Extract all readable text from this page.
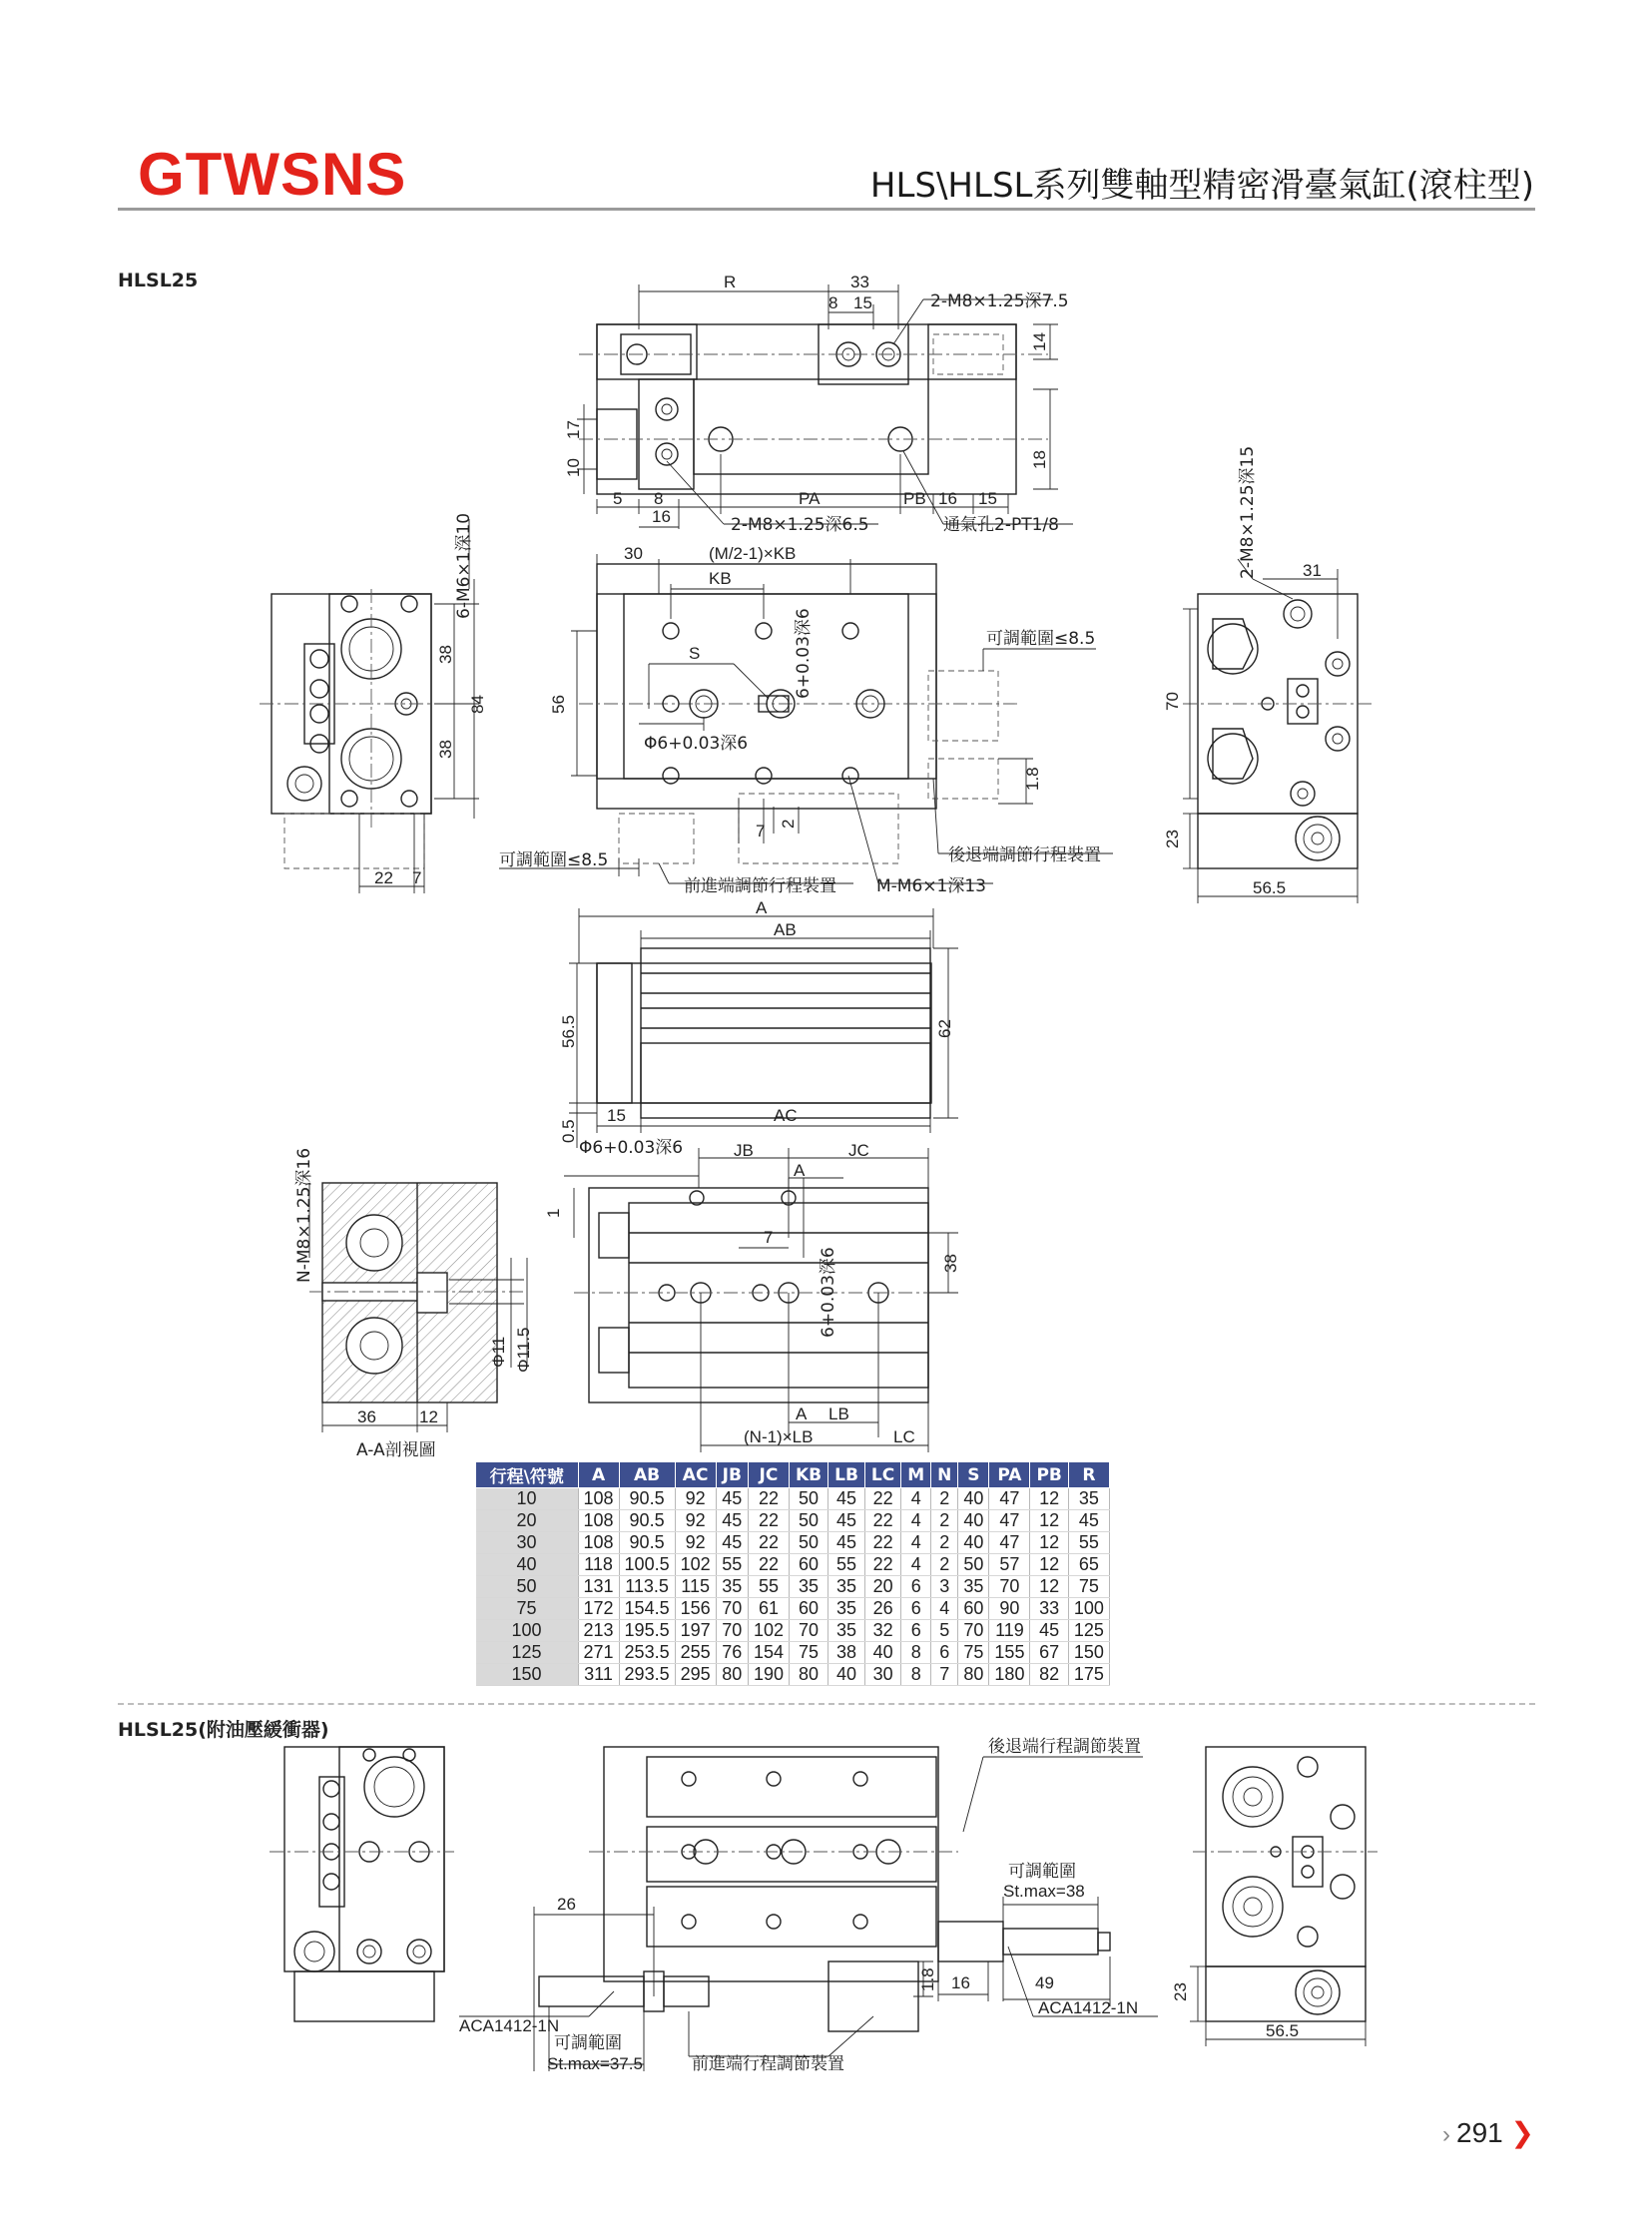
GTWSNS	HLS\HLSL系列雙軸型精密滑臺氣缸(滾柱型)
HLSL25	R	33
8 15	2-M8×1.25深7.5
14
17
10	18
5 8	PA	PB 16 15
16	2-M8×1.25深6.5	通氣孔2-PT1/8
6-M6×1深10
38
84
38
22 7
30	(M/2-1)×KB
KB
S	6+0.03深6
Φ6+0.03深6
56
7 2
1.8
可調範圍≤8.5
可調範圍≤8.5
前進端調節行程裝置 M-M6×1深13
後退端調節行程裝置
2-M8×1.25深15	31
70
23
56.5
A
AB
56.5	62
0.5
15	AC
Φ6+0.03深6	JB	JC
A
1
7
38
6+0.03深6
A LB
(N-1)×LB	LC
N-M8×1.25深16
Φ11 Φ11.5
36	12
A-A剖視圖
行程\符號	A	AB	AC	JB	JC	KB	LB	LC	M	N	S	PA	PB	R
10	108	90.5	92	45	22	50	45	22	4	2	40	47	12	35
20	108	90.5	92	45	22	50	45	22	4	2	40	47	12	45
30	108	90.5	92	45	22	50	45	22	4	2	40	47	12	55
40	118	100.5	102	55	22	60	55	22	4	2	50	57	12	65
50	131	113.5	115	35	55	35	35	20	6	3	35	70	12	75
75	172	154.5	156	70	61	60	35	26	6	4	60	90	33	100
100	213	195.5	197	70	102	70	35	32	6	5	70	119	45	125
125	271	253.5	255	76	154	75	38	40	8	6	75	155	67	150
150	311	293.5	295	80	190	80	40	30	8	7	80	180	82	175
HLSL25(附油壓緩衝器)
後退端行程調節裝置
可調範圍
St.max=38
26
1.8 16	49
ACA1412-1N
ACA1412-1N
可調範圍
St.max=37.5	前進端行程調節裝置
23
56.5
› 291 ❯
